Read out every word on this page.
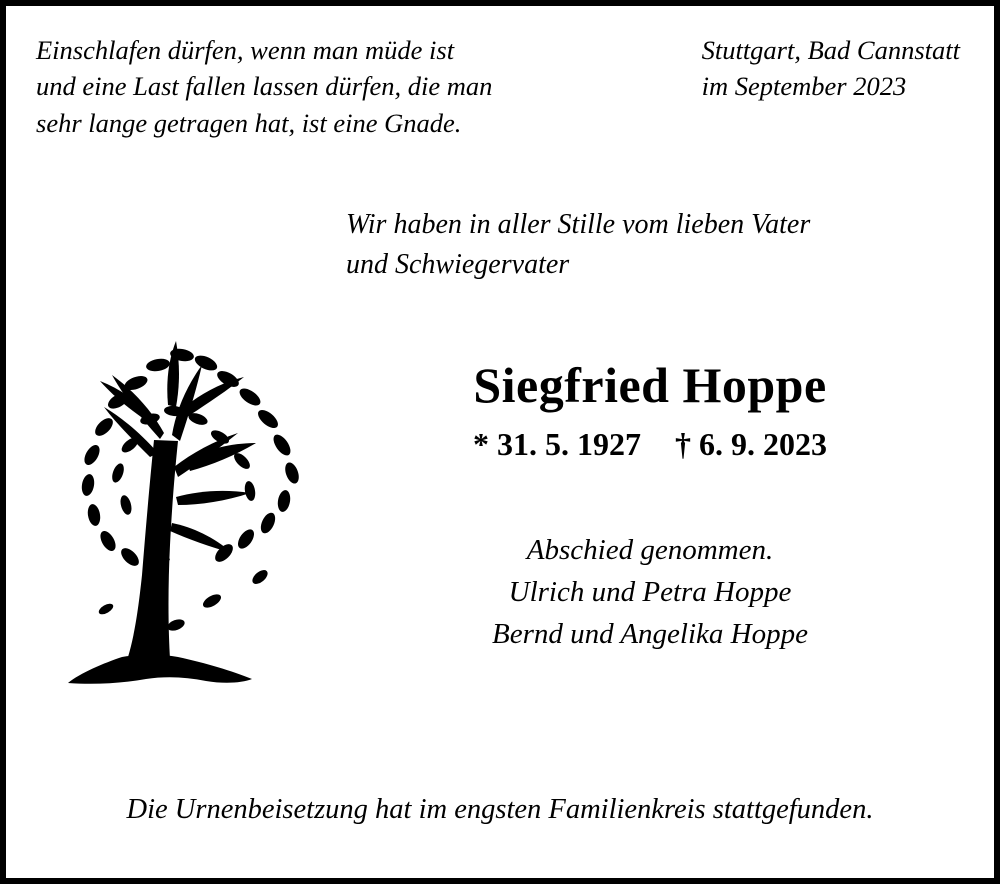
Einschlafen dürfen, wenn man müde ist
und eine Last fallen lassen dürfen, die man
sehr lange getragen hat, ist eine Gnade.
Stuttgart, Bad Cannstatt
im September 2023
Wir haben in aller Stille vom lieben Vater
und Schwiegervater
Siegfried Hoppe
* 31. 5. 1927 † 6. 9. 2023
Abschied genommen.
Ulrich und Petra Hoppe
Bernd und Angelika Hoppe
Die Urnenbeisetzung hat im engsten Familienkreis stattgefunden.
